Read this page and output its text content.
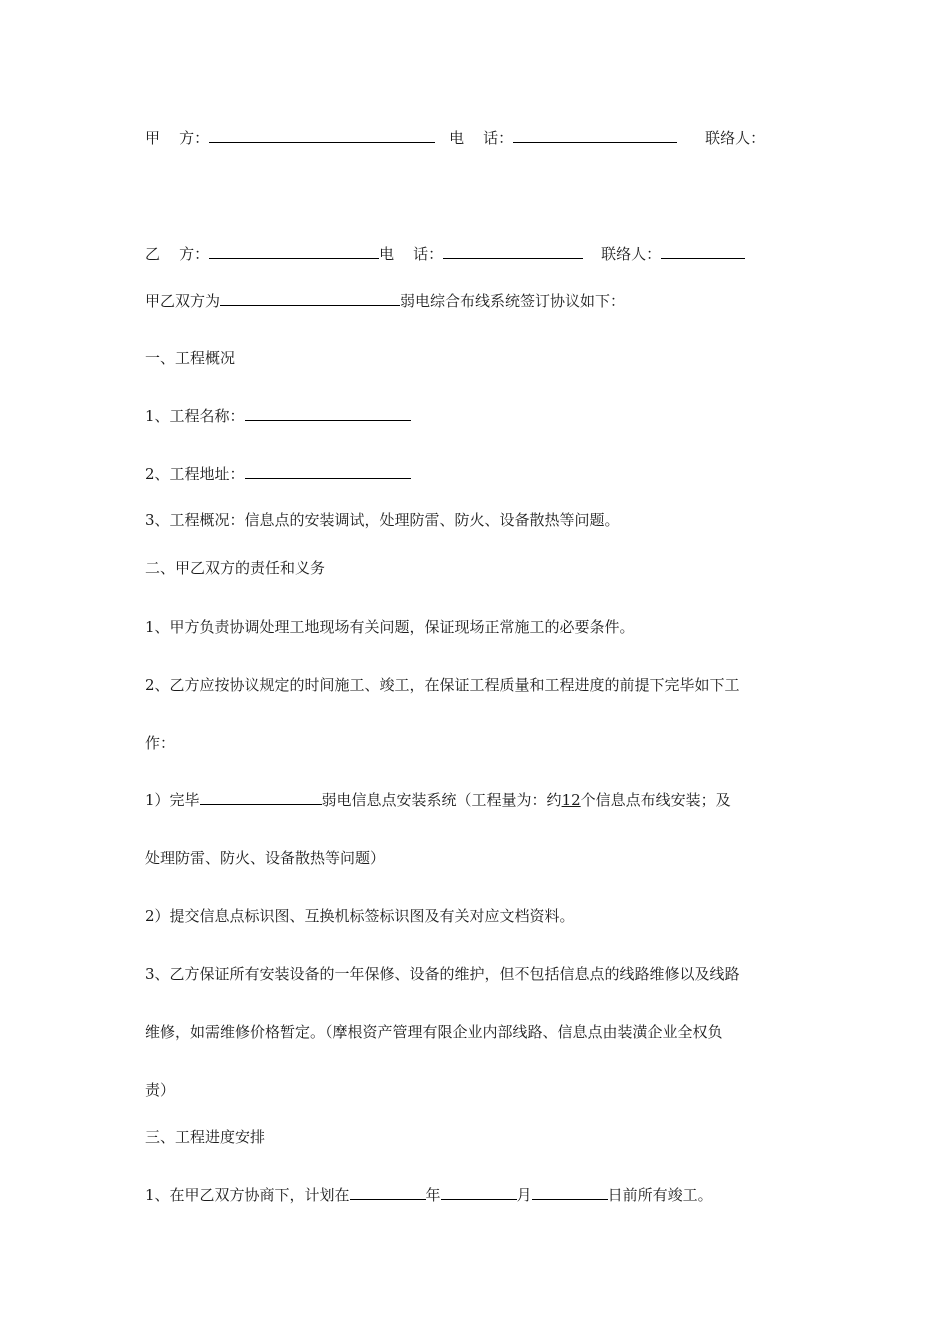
甲    方：	电    话：	联络人：
乙    方：	电    话：	联络人：
甲乙双方为	弱电综合布线系统签订协议如下：
一、工程概况
1、工程名称：
2、工程地址：
3、工程概况：信息点的安装调试，处理防雷、防火、设备散热等问题。
二、甲乙双方的责任和义务
1、甲方负责协调处理工地现场有关问题，保证现场正常施工的必要条件。
2、乙方应按协议规定的时间施工、竣工，在保证工程质量和工程进度的前提下完毕如下工
作：
1）完毕	弱电信息点安装系统（工程量为：约12个信息点布线安装；及
处理防雷、防火、设备散热等问题）
2）提交信息点标识图、互换机标签标识图及有关对应文档资料。
3、乙方保证所有安装设备的一年保修、设备的维护，但不包括信息点的线路维修以及线路
维修，如需维修价格暂定。（摩根资产管理有限企业内部线路、信息点由装潢企业全权负
责）
三、工程进度安排
1、在甲乙双方协商下，计划在	年	月	日前所有竣工。
